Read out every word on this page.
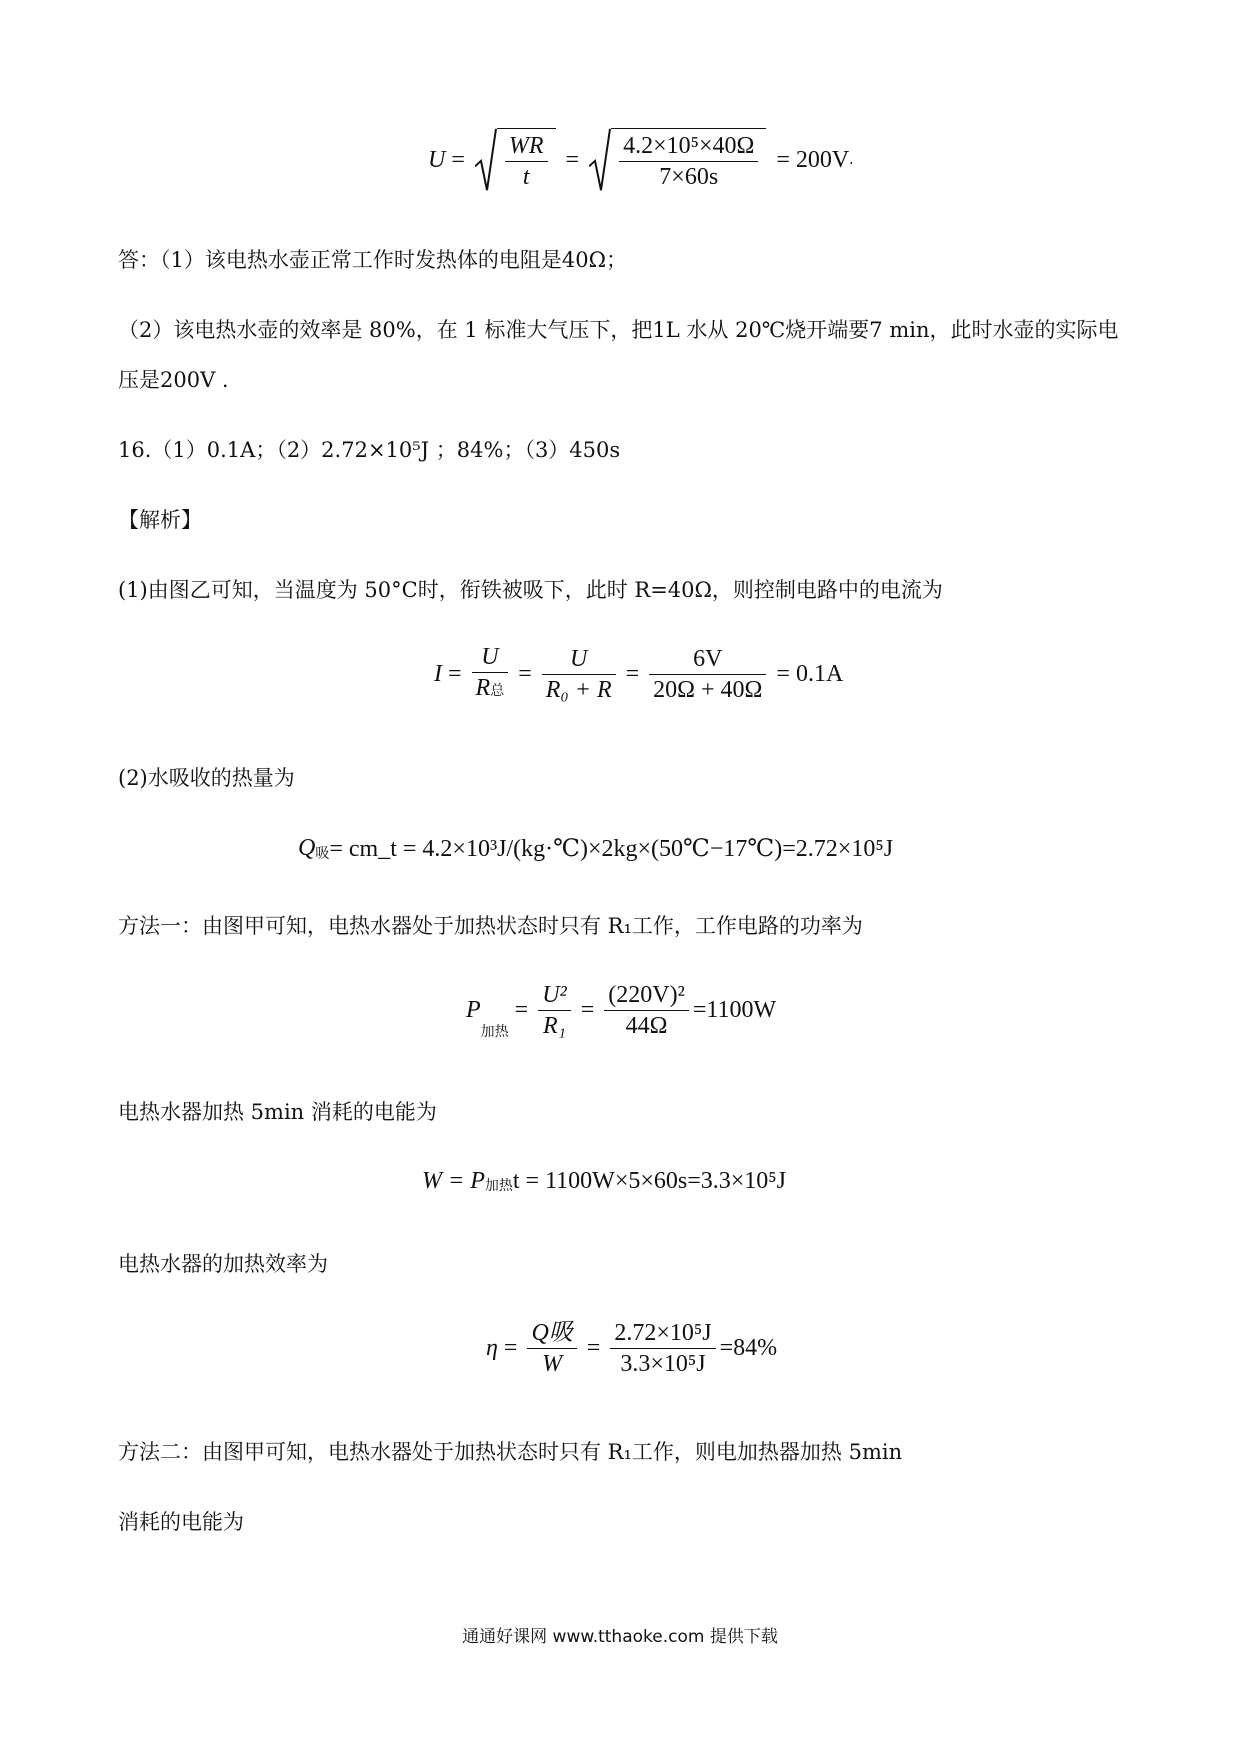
$U = \frac{WR}{t} = \frac{\text{4.2×10⁵×40Ω}}{7\times 60s} = 200V$ .
答：（1）该电热水壶正常工作时发热体的电阻是40Ω；
（2）该电热水壶的效率是 80%，在 1 标准大气压下，把1L 水从 20℃烧开端要7 min，此时水壶的实际电
压是200V .
16.（1）0.1A；（2）2.72×10⁵J ；84%；（3）450s
【解析】
(1)由图乙可知，当温度为 50°C时，衔铁被吸下，此时 R=40Ω，则控制电路中的电流为
$I = \frac{U}{\text{R总}} = \frac{U}{\text{R₀ + R}} = \frac{6V}{20\Omega + 40\Omega} = 0.1A$
(2)水吸收的热量为
Q 吸 = cm_t = 4.2×10³J/(kg·℃)×2kg×(50℃−17℃)=2.72×10⁵J
方法一：由图甲可知，电热水器处于加热状态时只有 R₁工作，工作电路的功率为
P
加热
= $\frac{\text{U²}}{\text{R₁}} = \frac{\text{(220V)²}}{44\Omega} =1100W$
电热水器加热 5min 消耗的电能为
W = P 加热 t = 1100W×5×60s=3.3×10⁵J
电热水器的加热效率为
$\eta = \frac{\text{Q吸}}{W} = \frac{\text{2.72×10⁵J}}{\text{3.3×10⁵J}} =84\%$
方法二：由图甲可知，电热水器处于加热状态时只有 R₁工作，则电加热器加热 5min
消耗的电能为
通通好课网 www.tthaoke.com 提供下载
